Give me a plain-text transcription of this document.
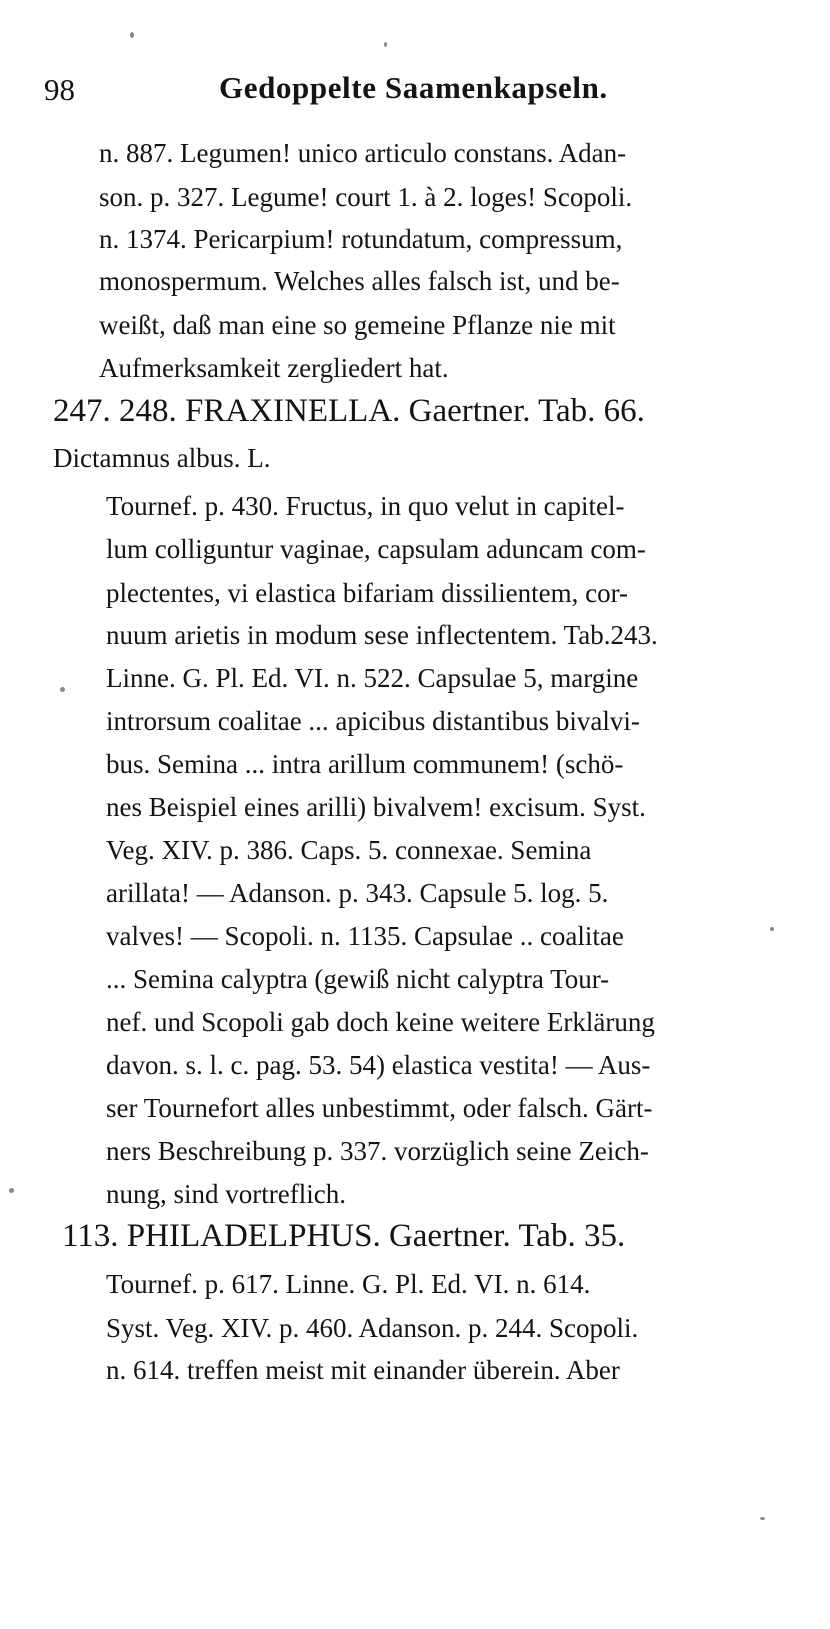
98	Gedoppelte Saamenkapseln.
n. 887. Legumen! unico articulo constans. Adan-
son. p. 327. Legume! court 1. à 2. loges! Scopoli.
n. 1374. Pericarpium! rotundatum, compressum,
monospermum. Welches alles falsch ist, und be-
weißt, daß man eine so gemeine Pflanze nie mit
Aufmerksamkeit zergliedert hat.
247. 248. FRAXINELLA. Gaertner. Tab. 66.
Dictamnus albus. L.
Tournef. p. 430. Fructus, in quo velut in capitel-
lum colliguntur vaginae, capsulam aduncam com-
plectentes, vi elastica bifariam dissilientem, cor-
nuum arietis in modum sese inflectentem. Tab.243.
Linne. G. Pl. Ed. VI. n. 522. Capsulae 5, margine
introrsum coalitae ... apicibus distantibus bivalvi-
bus. Semina ... intra arillum communem! (schö-
nes Beispiel eines arilli) bivalvem! excisum. Syst.
Veg. XIV. p. 386. Caps. 5. connexae. Semina
arillata! — Adanson. p. 343. Capsule 5. log. 5.
valves! — Scopoli. n. 1135. Capsulae .. coalitae
... Semina calyptra (gewiß nicht calyptra Tour-
nef. und Scopoli gab doch keine weitere Erklärung
davon. s. l. c. pag. 53. 54) elastica vestita! — Aus-
ser Tournefort alles unbestimmt, oder falsch. Gärt-
ners Beschreibung p. 337. vorzüglich seine Zeich-
nung, sind vortreflich.
113. PHILADELPHUS. Gaertner. Tab. 35.
Tournef. p. 617. Linne. G. Pl. Ed. VI. n. 614.
Syst. Veg. XIV. p. 460. Adanson. p. 244. Scopoli.
n. 614. treffen meist mit einander überein. Aber
